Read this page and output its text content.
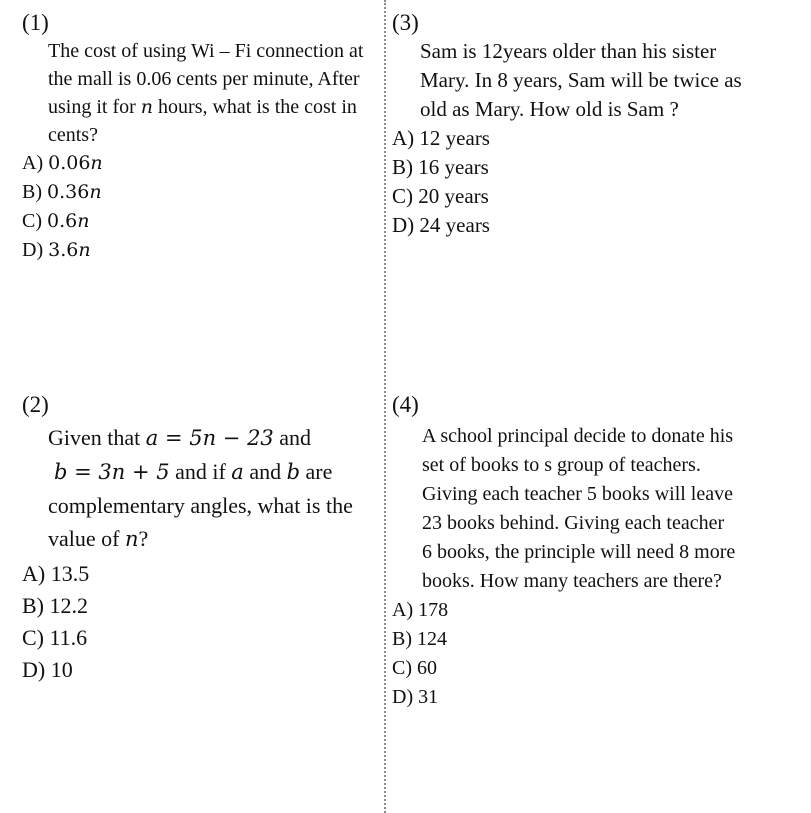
(1)
The cost of using Wi – Fi connection at
the mall is 0.06 cents per minute, After
using it for n hours, what is the cost in
cents?
A) 0.06n
B) 0.36n
C) 0.6n
D) 3.6n
(2)
Given that a = 5n − 23 and
b = 3n + 5 and if a and b are
complementary angles, what is the
value of n?
A) 13.5
B) 12.2
C) 11.6
D) 10
(3)
Sam is 12years older than his sister
Mary. In 8 years, Sam will be twice as
old as Mary. How old is Sam ?
A) 12 years
B) 16 years
C) 20 years
D) 24 years
(4)
A school principal decide to donate his
set of books to s group of teachers.
Giving each teacher 5 books will leave
23 books behind. Giving each teacher
6 books, the principle will need 8 more
books. How many teachers are there?
A) 178
B) 124
C) 60
D) 31
